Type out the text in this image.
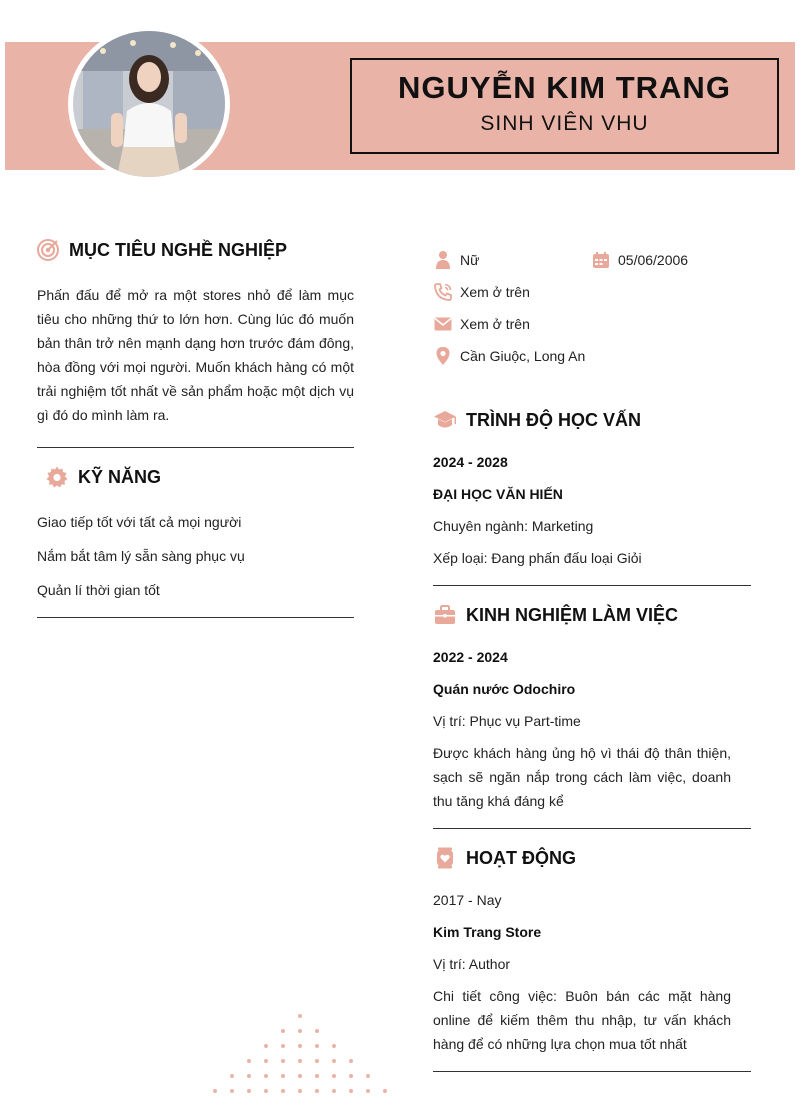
NGUYỄN KIM TRANG
SINH VIÊN VHU
MỤC TIÊU NGHỀ NGHIỆP
Phấn đấu để mở ra một stores nhỏ để làm mục tiêu cho những thứ to lớn hơn. Cùng lúc đó muốn bản thân trở nên mạnh dạng hơn trước đám đông, hòa đồng với mọi người. Muốn khách hàng có một trải nghiệm tốt nhất về sản phẩm hoặc một dịch vụ gì đó do mình làm ra.
KỸ NĂNG
Giao tiếp tốt với tất cả mọi người
Nắm bắt tâm lý sẵn sàng phục vụ
Quản lí thời gian tốt
Nữ	05/06/2006
Xem ở trên
Xem ở trên
Cần Giuộc, Long An
TRÌNH ĐỘ HỌC VẤN
2024 - 2028
ĐẠI HỌC VĂN HIẾN
Chuyên ngành: Marketing
Xếp loại: Đang phấn đấu loại Giỏi
KINH NGHIỆM LÀM VIỆC
2022 - 2024
Quán nước Odochiro
Vị trí: Phục vụ Part-time
Được khách hàng ủng hộ vì thái độ thân thiện, sạch sẽ ngăn nắp trong cách làm việc, doanh thu tăng khá đáng kể
HOẠT ĐỘNG
2017 - Nay
Kim Trang Store
Vị trí: Author
Chi tiết công việc: Buôn bán các mặt hàng online để kiếm thêm thu nhập, tư vấn khách hàng để có những lựa chọn mua tốt nhất
